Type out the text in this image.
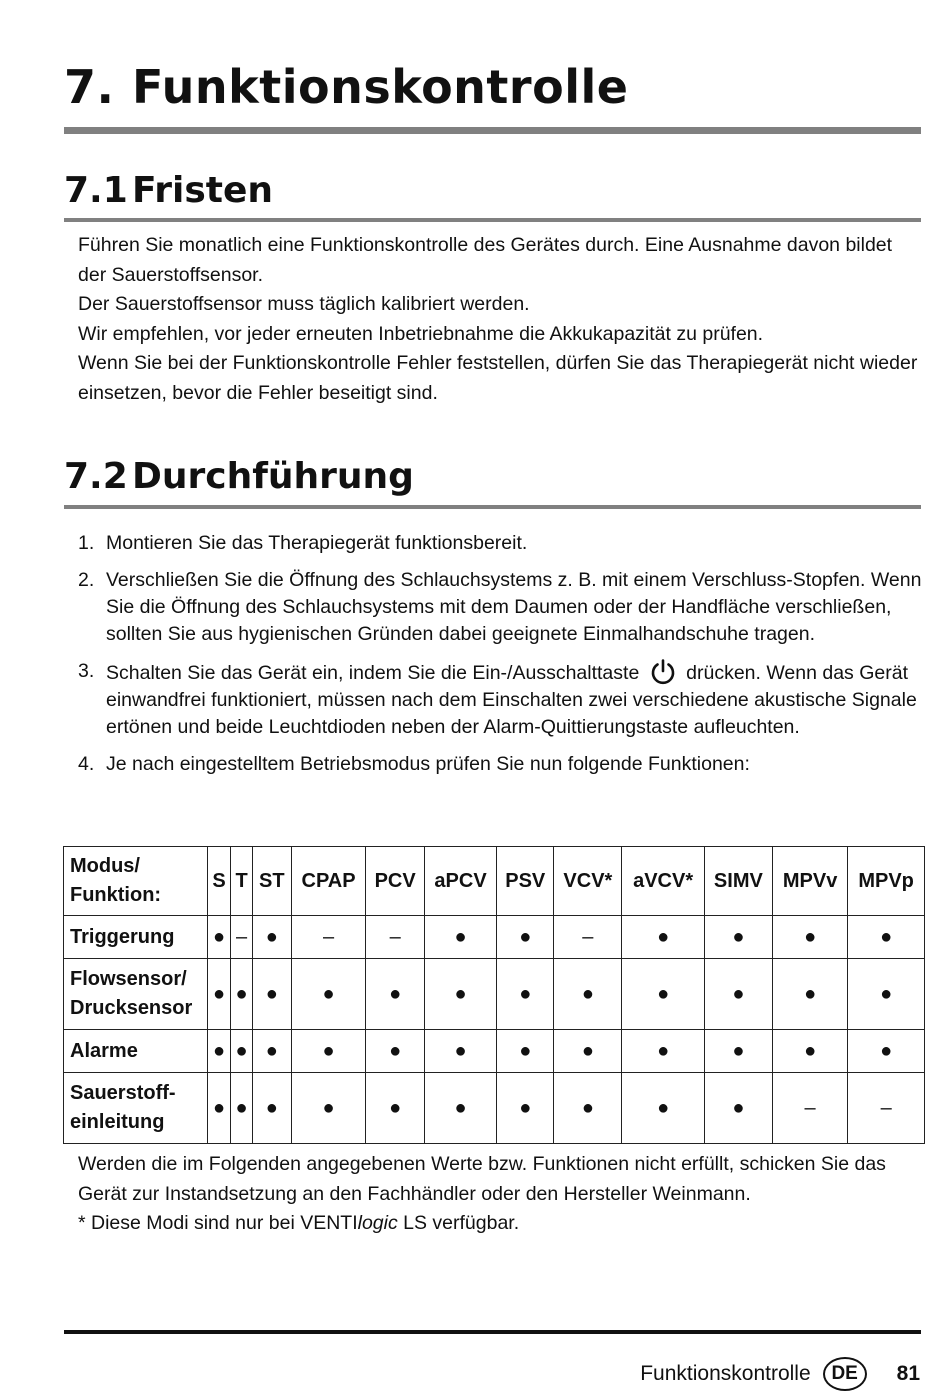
7. Funktionskontrolle
7.1 Fristen

Führen Sie monatlich eine Funktionskontrolle des Gerätes durch. Eine Ausnahme davon bildet der Sauerstoffsensor.

Der Sauerstoffsensor muss täglich kalibriert werden.

Wir empfehlen, vor jeder erneuten Inbetriebnahme die Akkukapazität zu prüfen.

Wenn Sie bei der Funktionskontrolle Fehler feststellen, dürfen Sie das Therapiegerät nicht wieder einsetzen, bevor die Fehler beseitigt sind.

7.2 Durchführung
1. Montieren Sie das Therapiegerät funktionsbereit.
2. Verschließen Sie die Öffnung des Schlauchsystems z. B. mit einem Verschluss-Stopfen. Wenn Sie die Öffnung des Schlauchsystems mit dem Daumen oder der Handfläche verschließen, sollten Sie aus hygienischen Gründen dabei geeignete Einmalhandschuhe tragen.
3. Schalten Sie das Gerät ein, indem Sie die Ein-/Ausschalttaste drücken. Wenn das Gerät einwandfrei funktioniert, müssen nach dem Einschalten zwei verschiedene akustische Signale ertönen und beide Leuchtdioden neben der Alarm-Quittierungstaste aufleuchten.
4. Je nach eingestelltem Betriebsmodus prüfen Sie nun folgende Funktionen:
Modus/
Funktion:	S	T	ST	CPAP	PCV	aPCV	PSV	VCV*	aVCV*	SIMV	MPVv	MPVp
Triggerung	●	–	●	–	–	●	●	–	●	●	●	●
Flowsensor/
Drucksensor	●	●	●	●	●	●	●	●	●	●	●	●
Alarme	●	●	●	●	●	●	●	●	●	●	●	●
Sauerstoff-
einleitung	●	●	●	●	●	●	●	●	●	●	–	–

Werden die im Folgenden angegebenen Werte bzw. Funktionen nicht erfüllt, schicken Sie das Gerät zur Instandsetzung an den Fachhändler oder den Hersteller Weinmann.

* Diese Modi sind nur bei VENTIlogic LS verfügbar.

Funktionskontrolle	DE	81
